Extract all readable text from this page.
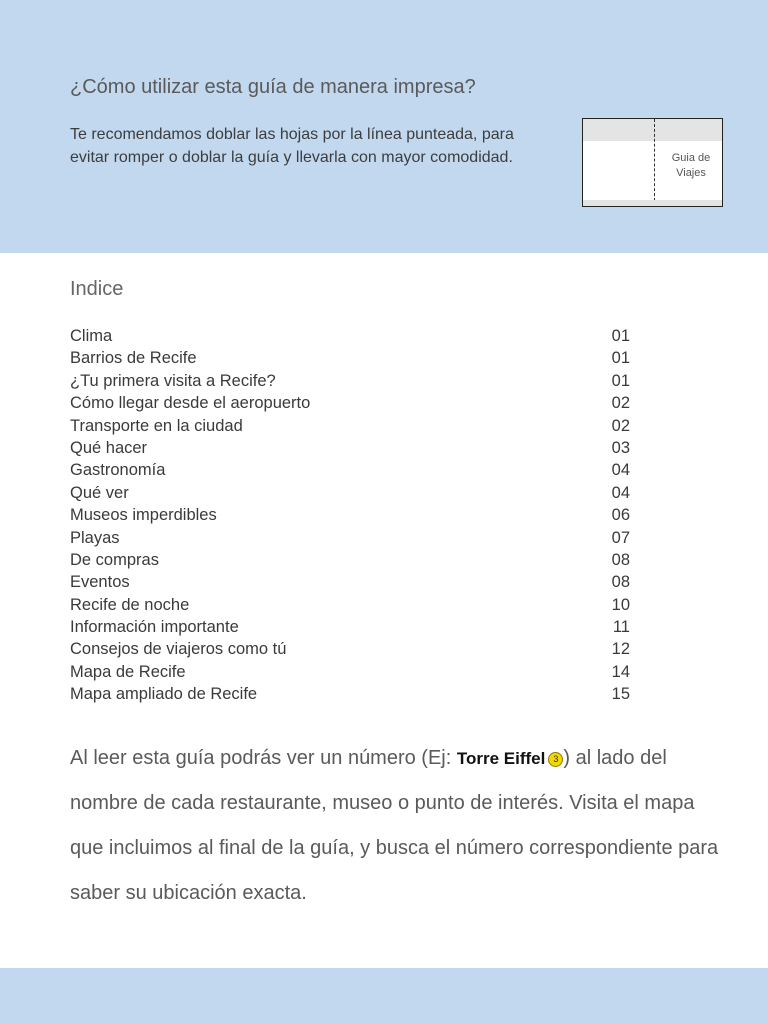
¿Cómo utilizar esta guía de manera impresa?

Te recomendamos doblar las hojas por la línea punteada, para evitar romper o doblar la guía y llevarla con mayor comodidad.	Guia de
Viajes
Indice
Clima	01
Barrios de Recife	01
¿Tu primera visita a Recife?	01
Cómo llegar desde el aeropuerto	02
Transporte en la ciudad	02
Qué hacer	03
Gastronomía	04
Qué ver	04
Museos imperdibles	06
Playas	07
De compras	08
Eventos	08
Recife de noche	10
Información importante	11
Consejos de viajeros como tú	12
Mapa de Recife	14
Mapa ampliado de Recife	15

Al leer esta guía podrás ver un número (Ej: Torre Eiffel 3 ) al lado del nombre de cada restaurante, museo o punto de interés. Visita el mapa que incluimos al final de la guía, y busca el número correspondiente para saber su ubicación exacta.
